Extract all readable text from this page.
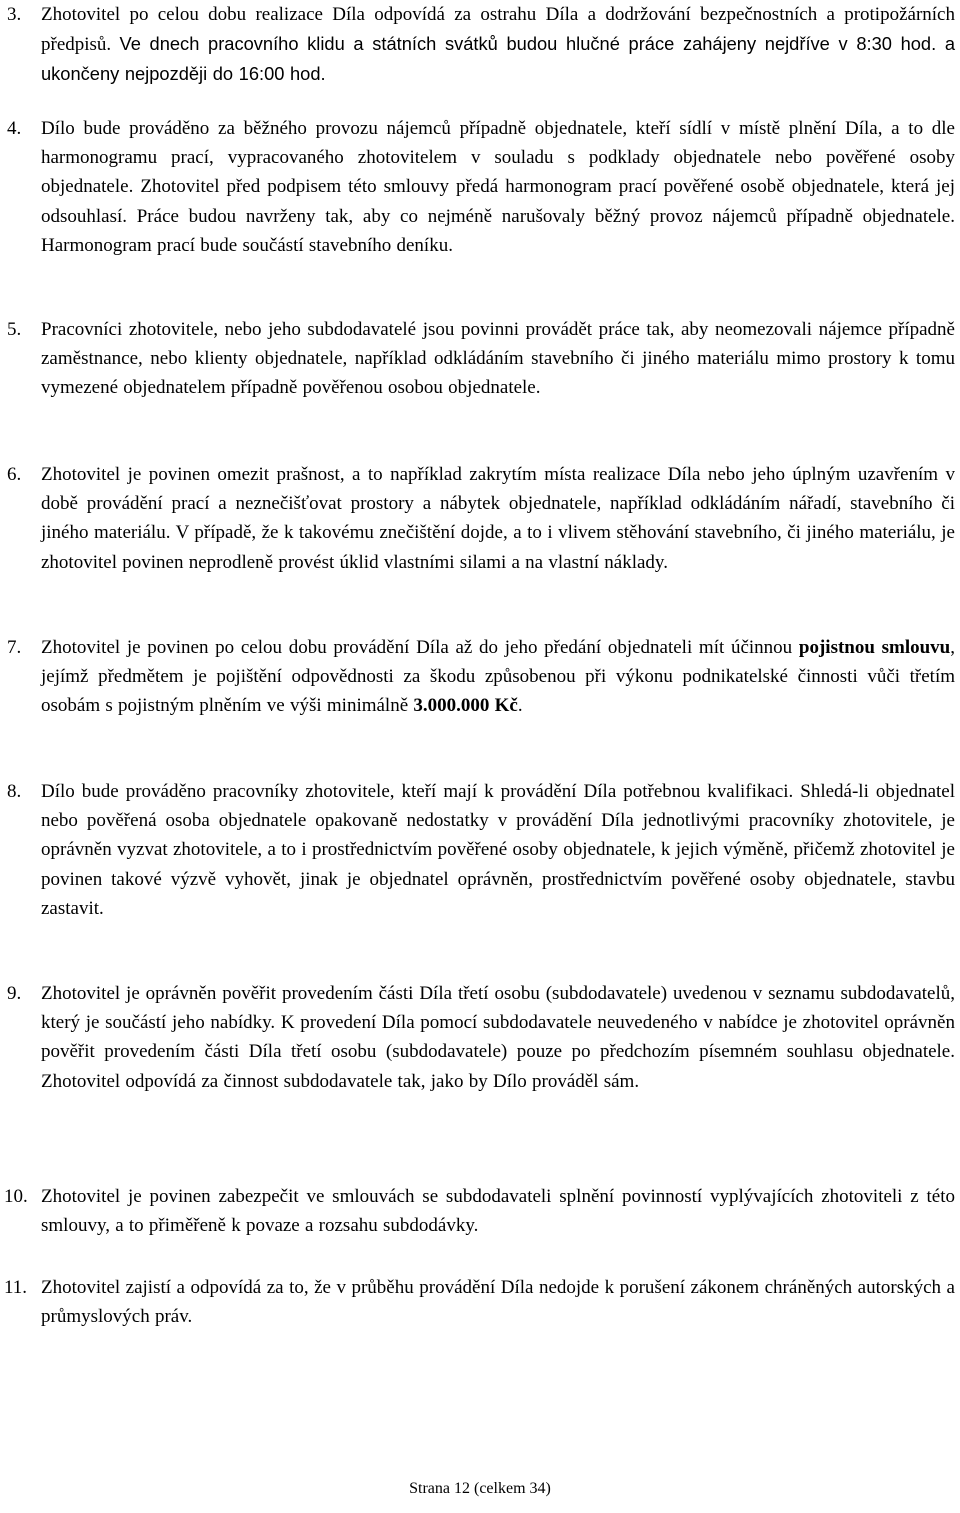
3. Zhotovitel po celou dobu realizace Díla odpovídá za ostrahu Díla a dodržování bezpečnostních a protipožárních předpisů. Ve dnech pracovního klidu a státních svátků budou hlučné práce zahájeny nejdříve v 8:30 hod. a ukončeny nejpozději do 16:00 hod.
4. Dílo bude prováděno za běžného provozu nájemců případně objednatele, kteří sídlí v místě plnění Díla, a to dle harmonogramu prací, vypracovaného zhotovitelem v souladu s podklady objednatele nebo pověřené osoby objednatele. Zhotovitel před podpisem této smlouvy předá harmonogram prací pověřené osobě objednatele, která jej odsouhlasí. Práce budou navrženy tak, aby co nejméně narušovaly běžný provoz nájemců případně objednatele. Harmonogram prací bude součástí stavebního deníku.
5. Pracovníci zhotovitele, nebo jeho subdodavatelé jsou povinni provádět práce tak, aby neomezovali nájemce případně zaměstnance, nebo klienty objednatele, například odkládáním stavebního či jiného materiálu mimo prostory k tomu vymezené objednatelem případně pověřenou osobou objednatele.
6. Zhotovitel je povinen omezit prašnost, a to například zakrytím místa realizace Díla nebo jeho úplným uzavřením v době provádění prací a neznečišťovat prostory a nábytek objednatele, například odkládáním nářadí, stavebního či jiného materiálu. V případě, že k takovému znečištění dojde, a to i vlivem stěhování stavebního, či jiného materiálu, je zhotovitel povinen neprodleně provést úklid vlastními silami a na vlastní náklady.
7. Zhotovitel je povinen po celou dobu provádění Díla až do jeho předání objednateli mít účinnou pojistnou smlouvu, jejímž předmětem je pojištění odpovědnosti za škodu způsobenou při výkonu podnikatelské činnosti vůči třetím osobám s pojistným plněním ve výši minimálně 3.000.000 Kč.
8. Dílo bude prováděno pracovníky zhotovitele, kteří mají k provádění Díla potřebnou kvalifikaci. Shledá-li objednatel nebo pověřená osoba objednatele opakovaně nedostatky v provádění Díla jednotlivými pracovníky zhotovitele, je oprávněn vyzvat zhotovitele, a to i prostřednictvím pověřené osoby objednatele, k jejich výměně, přičemž zhotovitel je povinen takové výzvě vyhovět, jinak je objednatel oprávněn, prostřednictvím pověřené osoby objednatele, stavbu zastavit.
9. Zhotovitel je oprávněn pověřit provedením části Díla třetí osobu (subdodavatele) uvedenou v seznamu subdodavatelů, který je součástí jeho nabídky. K provedení Díla pomocí subdodavatele neuvedeného v nabídce je zhotovitel oprávněn pověřit provedením části Díla třetí osobu (subdodavatele) pouze po předchozím písemném souhlasu objednatele. Zhotovitel odpovídá za činnost subdodavatele tak, jako by Dílo prováděl sám.
10. Zhotovitel je povinen zabezpečit ve smlouvách se subdodavateli splnění povinností vyplývajících zhotoviteli z této smlouvy, a to přiměřeně k povaze a rozsahu subdodávky.
11. Zhotovitel zajistí a odpovídá za to, že v průběhu provádění Díla nedojde k porušení zákonem chráněných autorských a průmyslových práv.
Strana 12 (celkem 34)
